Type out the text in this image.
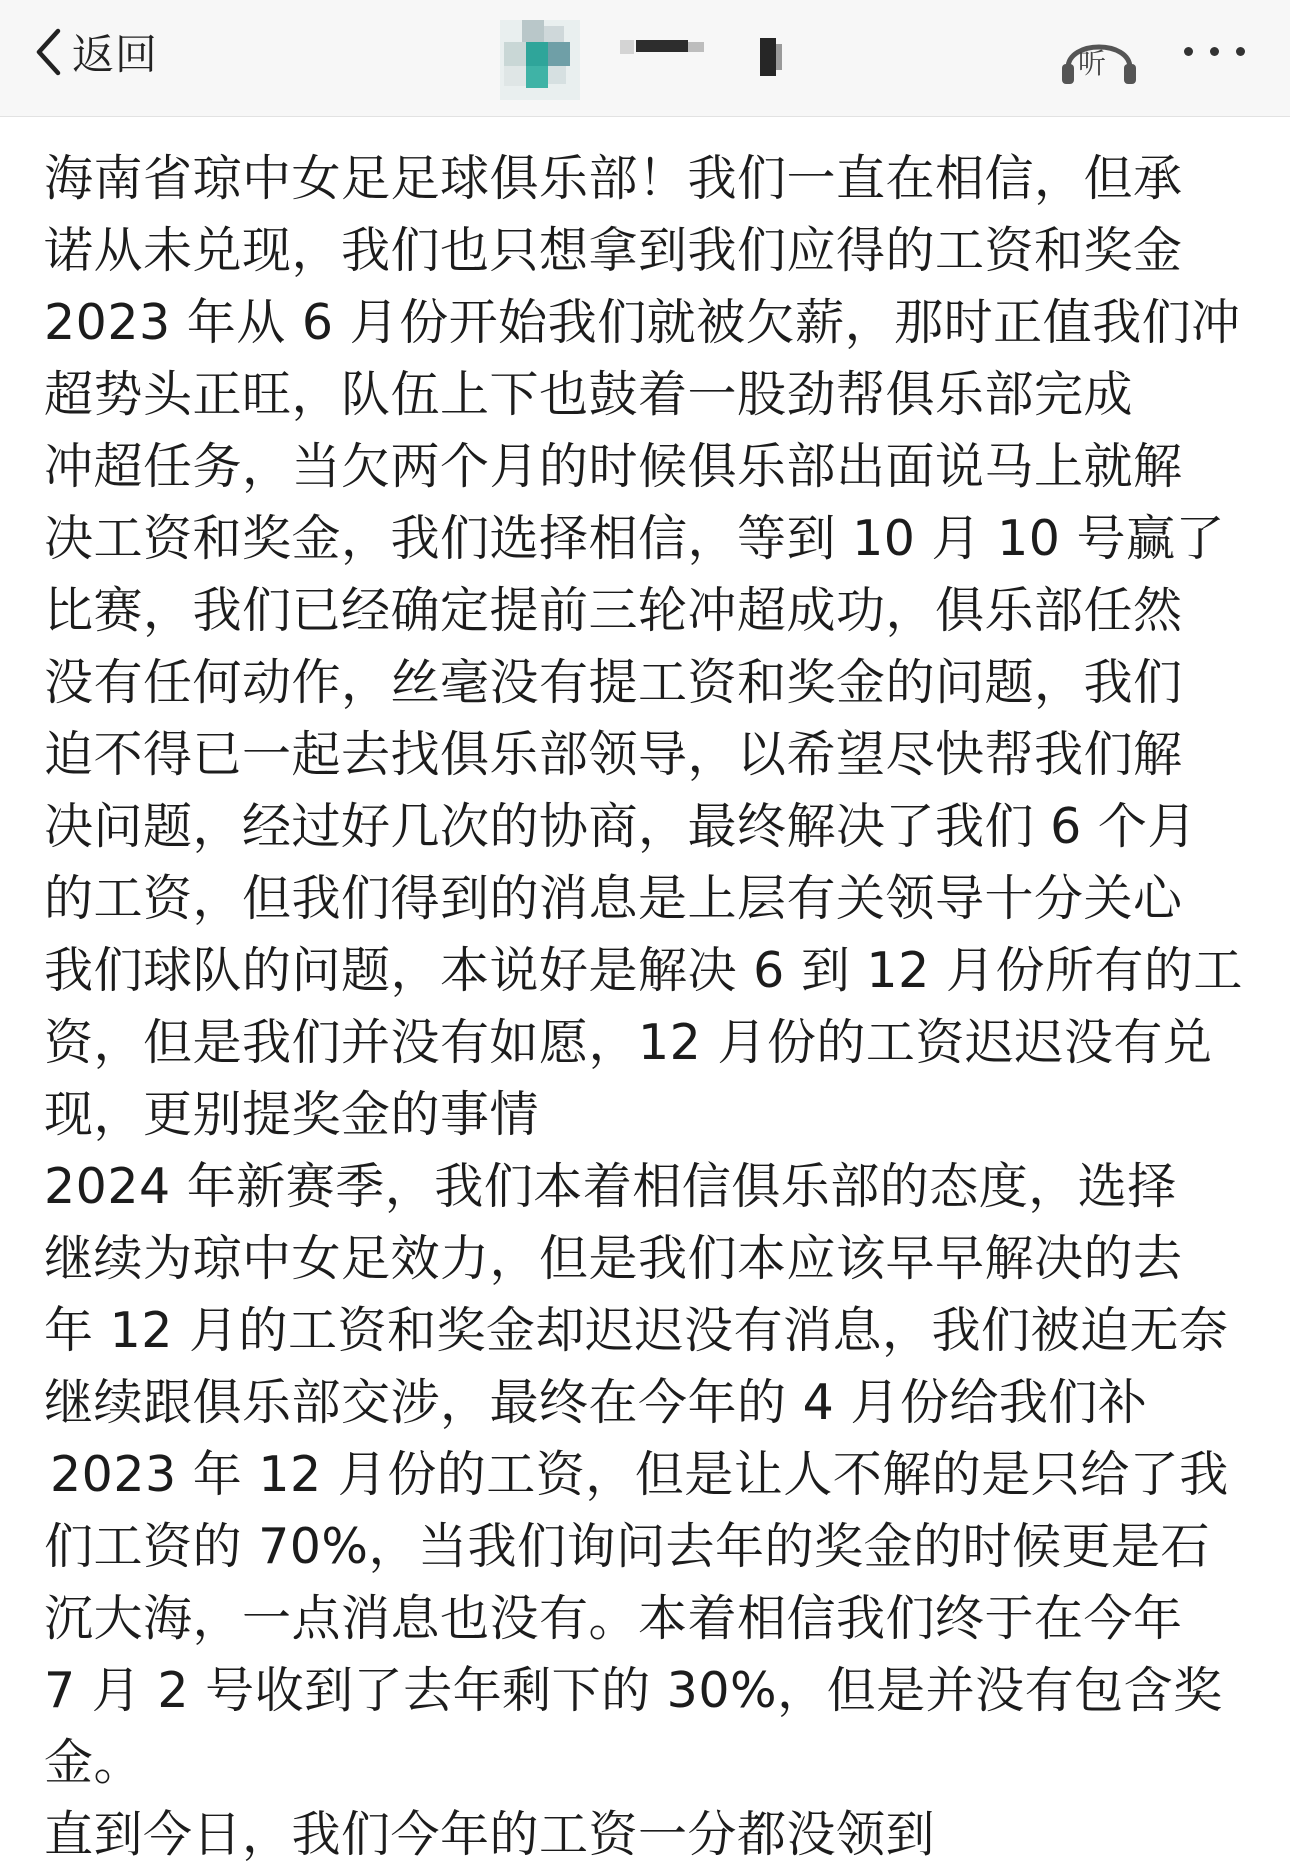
返回	听
海南省琼中女足足球俱乐部！我们一直在相信，但承
诺从未兑现，我们也只想拿到我们应得的工资和奖金
2023 年从 6 月份开始我们就被欠薪，那时正值我们冲
超势头正旺，队伍上下也鼓着一股劲帮俱乐部完成
冲超任务，当欠两个月的时候俱乐部出面说马上就解
决工资和奖金，我们选择相信，等到 10 月 10 号赢了
比赛，我们已经确定提前三轮冲超成功，俱乐部任然
没有任何动作，丝毫没有提工资和奖金的问题，我们
迫不得已一起去找俱乐部领导，以希望尽快帮我们解
决问题，经过好几次的协商，最终解决了我们 6 个月
的工资，但我们得到的消息是上层有关领导十分关心
我们球队的问题，本说好是解决 6 到 12 月份所有的工
资，但是我们并没有如愿，12 月份的工资迟迟没有兑
现，更别提奖金的事情
2024 年新赛季，我们本着相信俱乐部的态度，选择
继续为琼中女足效力，但是我们本应该早早解决的去
年 12 月的工资和奖金却迟迟没有消息，我们被迫无奈
继续跟俱乐部交涉，最终在今年的 4 月份给我们补
2023 年 12 月份的工资，但是让人不解的是只给了我
们工资的 70%，当我们询问去年的奖金的时候更是石
沉大海，一点消息也没有。本着相信我们终于在今年
7 月 2 号收到了去年剩下的 30%，但是并没有包含奖
金。
直到今日，我们今年的工资一分都没领到
